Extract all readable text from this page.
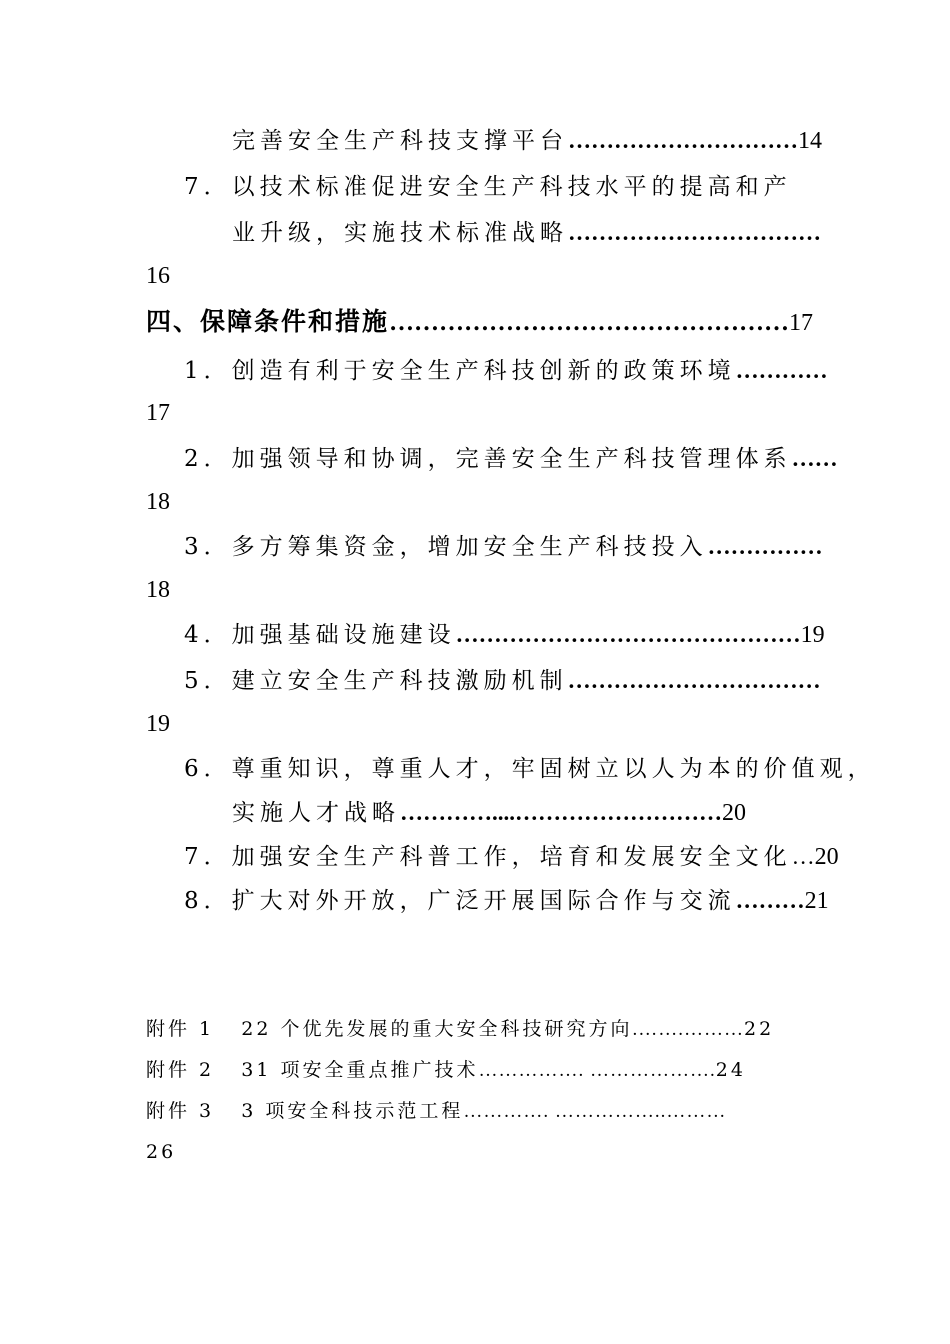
完善安全生产科技支撑平台…………………………14
7．以技术标准促进安全生产科技水平的提高和产
业升级，实施技术标准战略……………………………
16
四、保障条件和措施…………………………………………17
1．创造有利于安全生产科技创新的政策环境…………
17
2．加强领导和协调，完善安全生产科技管理体系……
18
3．多方筹集资金，增加安全生产科技投入……………
18
4．加强基础设施建设………………………………………19
5．建立安全生产科技激励机制……………………………
19
6．尊重知识，尊重人才，牢固树立以人为本的价值观，
实施人才战略…………....………………………20
7．加强安全生产科普工作，培育和发展安全文化…20
8．扩大对外开放，广泛开展国际合作与交流………21
附件 1 22 个优先发展的重大安全科技研究方向.…….………22
附件 2 31 项安全重点推广技术……………. ……………….24
附件 3 3 项安全科技示范工程…………. ……………..………
26
